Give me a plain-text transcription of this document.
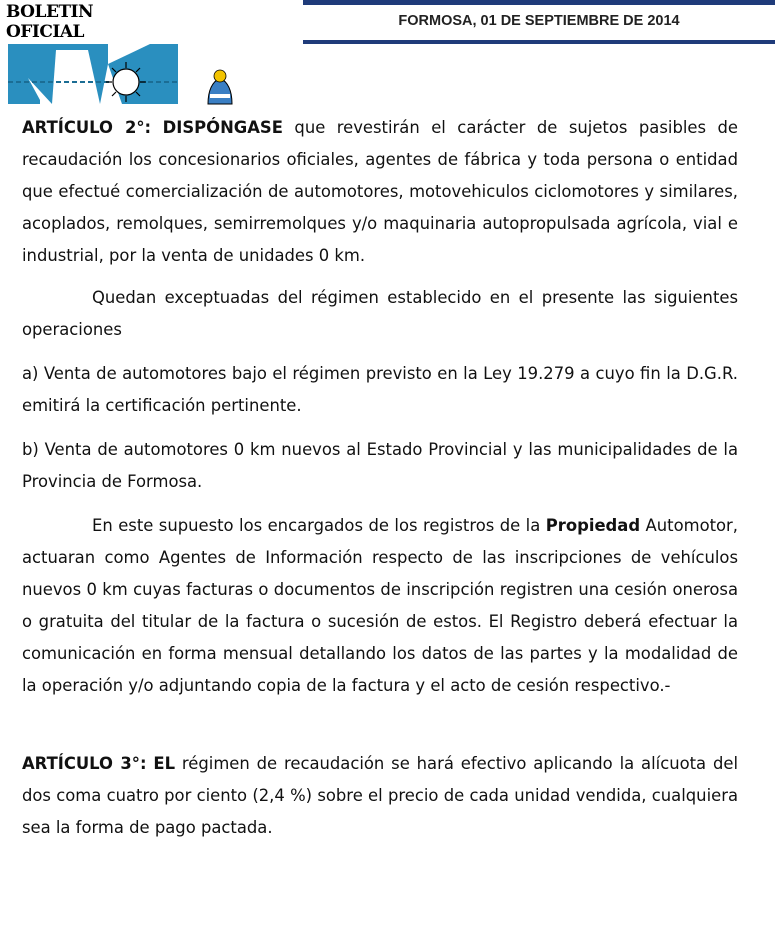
BOLETIN
OFICIAL
FORMOSA, 01 DE SEPTIEMBRE DE 2014

ARTÍCULO 2°: DISPÓNGASE que revestirán el carácter de sujetos pasibles de recaudación los concesionarios oficiales, agentes de fábrica y toda persona o entidad que efectué comercialización de automotores, motovehiculos ciclomotores y similares, acoplados, remolques, semirremolques y/o maquinaria autopropulsada agrícola, vial e industrial, por la venta de unidades 0 km.

Quedan exceptuadas del régimen establecido en el presente las siguientes operaciones

a) Venta de automotores bajo el régimen previsto en la Ley 19.279 a cuyo fin la D.G.R. emitirá la certificación pertinente.

b) Venta de automotores 0 km nuevos al Estado Provincial y las municipalidades de la Provincia de Formosa.

En este supuesto los encargados de los registros de la Propiedad Automotor, actuaran como Agentes de Información respecto de las inscripciones de vehículos nuevos 0 km cuyas facturas o documentos de inscripción registren una cesión onerosa o gratuita del titular de la factura o sucesión de estos. El Registro deberá efectuar la comunicación en forma mensual detallando los datos de las partes y la modalidad de la operación y/o adjuntando copia de la factura y el acto de cesión respectivo.-

ARTÍCULO 3°: EL régimen de recaudación se hará efectivo aplicando la alícuota del dos coma cuatro por ciento (2,4 %) sobre el precio de cada unidad vendida, cualquiera sea la forma de pago pactada.
